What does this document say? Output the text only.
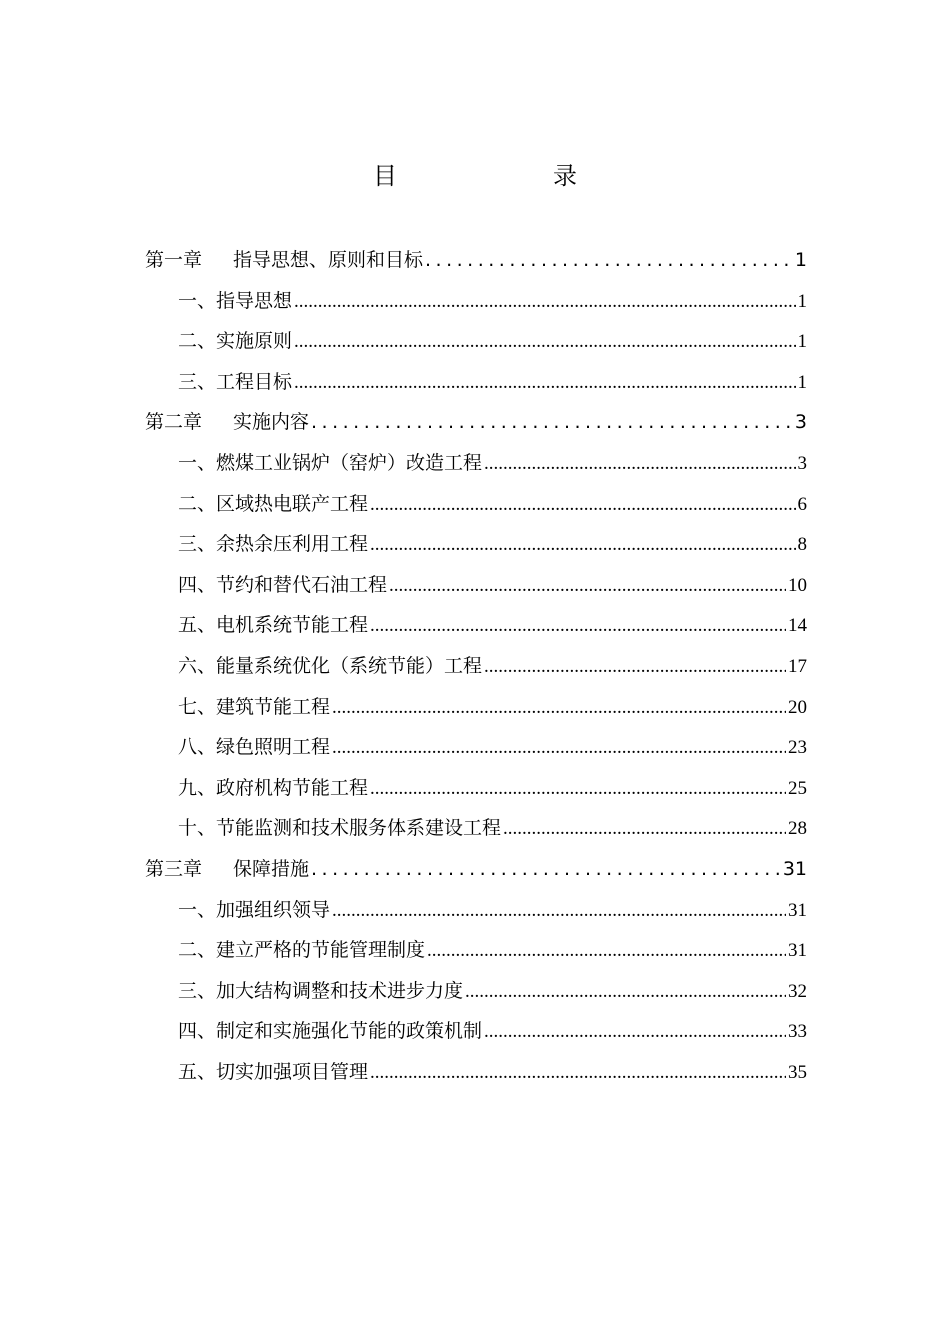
目　　录
第一章 指导思想、原则和目标 .....	1
一、指导思想 .....	1
二、实施原则 .....	1
三、工程目标 .....	1
第二章 实施内容 .....	3
一、燃煤工业锅炉（窑炉）改造工程 .....	3
二、区域热电联产工程 .....	6
三、余热余压利用工程 .....	8
四、节约和替代石油工程 .....	10
五、电机系统节能工程 .....	14
六、能量系统优化（系统节能）工程 .....	17
七、建筑节能工程 .....	20
八、绿色照明工程 .....	23
九、政府机构节能工程 .....	25
十、节能监测和技术服务体系建设工程 .....	28
第三章 保障措施 .....	31
一、加强组织领导 .....	31
二、建立严格的节能管理制度 .....	31
三、加大结构调整和技术进步力度 .....	32
四、制定和实施强化节能的政策机制 .....	33
五、切实加强项目管理 .....	35
